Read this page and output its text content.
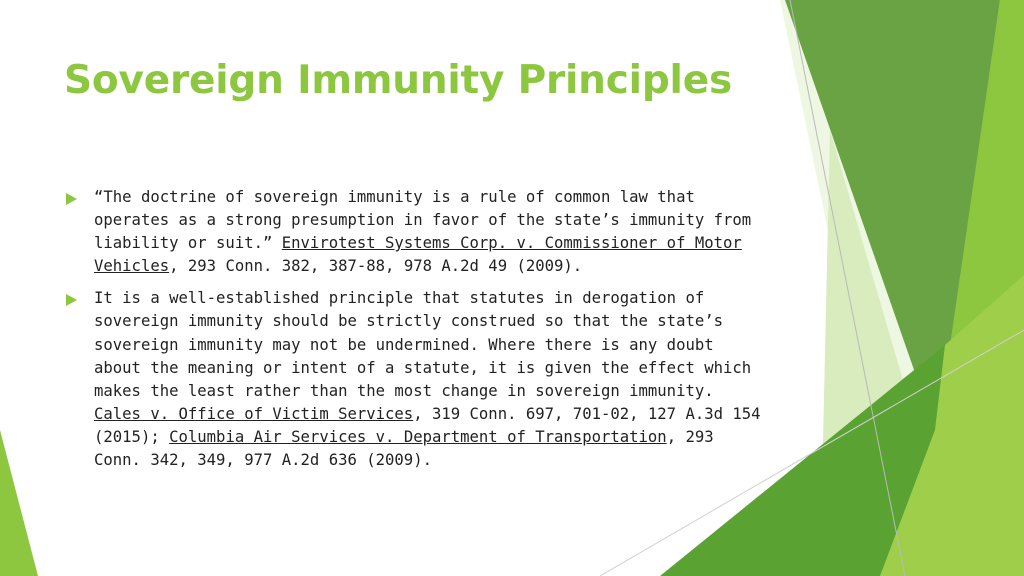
Sovereign Immunity Principles
“The doctrine of sovereign immunity is a rule of common law that operates as a strong presumption in favor of the state’s immunity from liability or suit.” Envirotest Systems Corp. v. Commissioner of Motor Vehicles, 293 Conn. 382, 387-88, 978 A.2d 49 (2009).
It is a well-established principle that statutes in derogation of sovereign immunity should be strictly construed so that the state’s sovereign immunity may not be undermined. Where there is any doubt about the meaning or intent of a statute, it is given the effect which makes the least rather than the most change in sovereign immunity. Cales v. Office of Victim Services, 319 Conn. 697, 701-02, 127 A.3d 154 (2015); Columbia Air Services v. Department of Transportation, 293 Conn. 342, 349, 977 A.2d 636 (2009).
